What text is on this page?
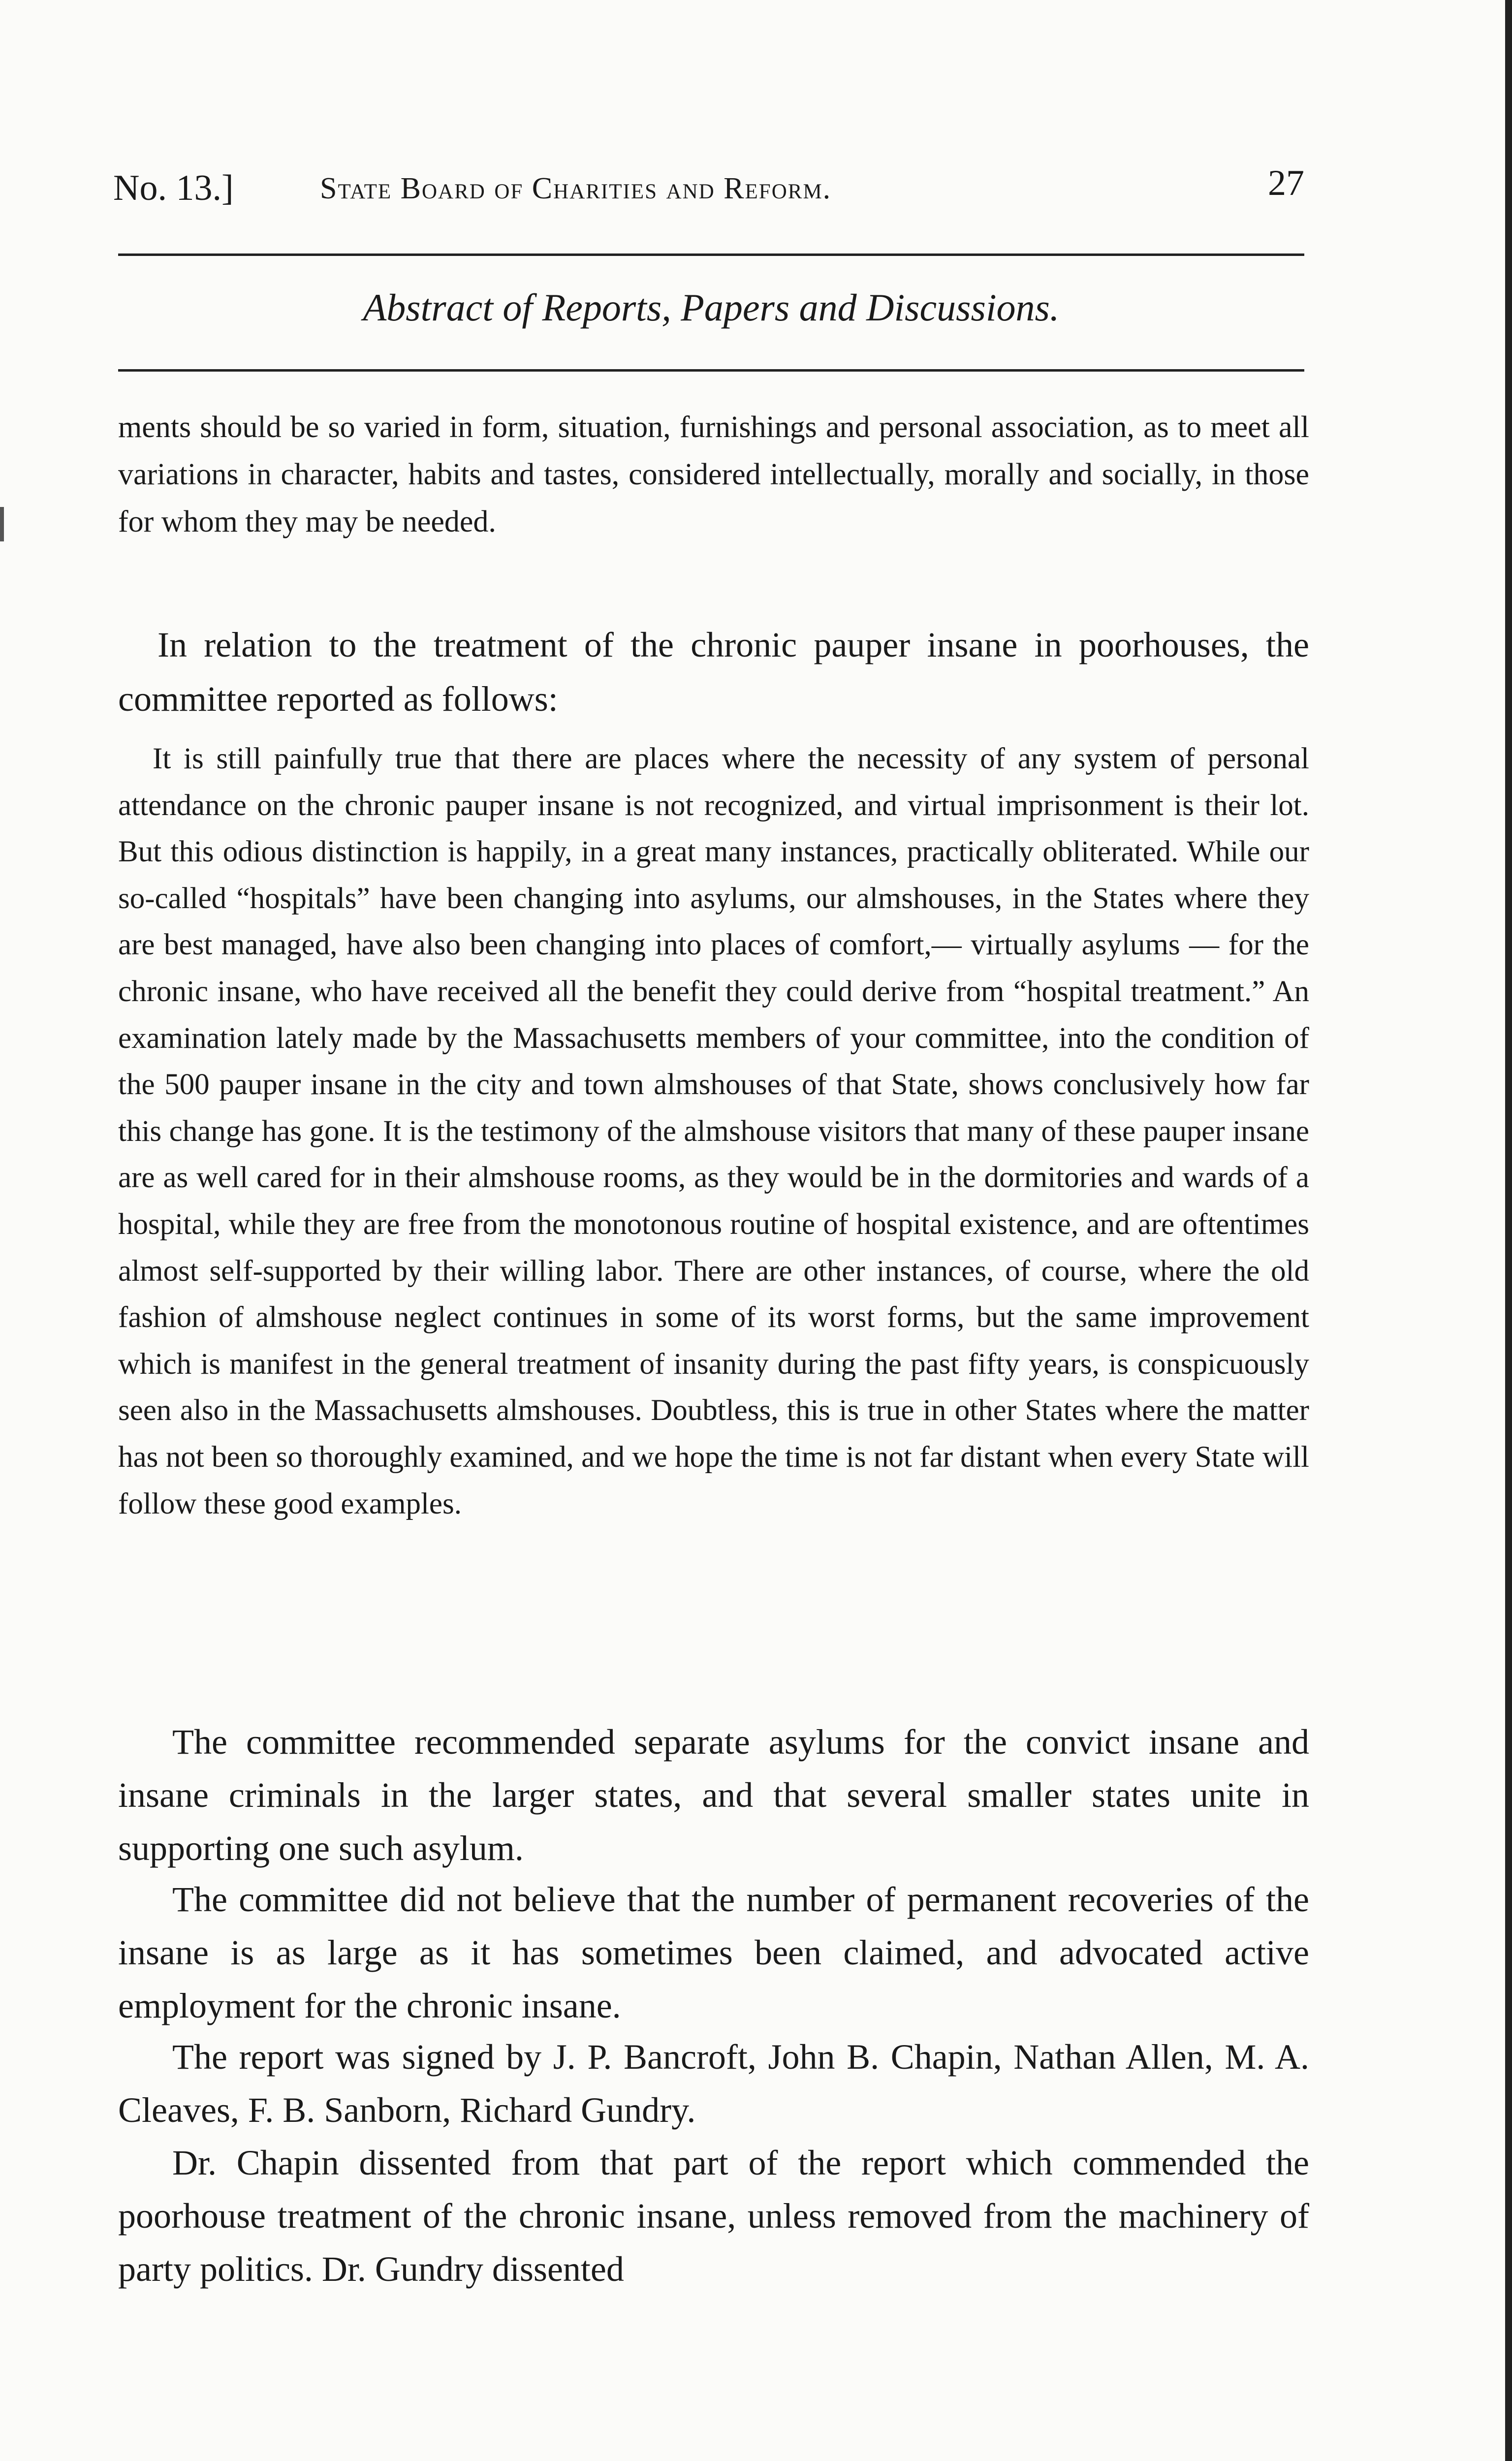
No. 13.]	State Board of Charities and Reform.	27
Abstract of Reports, Papers and Discussions.

ments should be so varied in form, situation, furnishings and personal association, as to meet all variations in character, habits and tastes, considered intellectually, morally and socially, in those for whom they may be needed.

In relation to the treatment of the chronic pauper insane in poorhouses, the committee reported as follows:

It is still painfully true that there are places where the necessity of any system of personal attendance on the chronic pauper insane is not recognized, and virtual imprisonment is their lot. But this odious distinction is happily, in a great many instances, practically obliterated. While our so-called “hospitals” have been changing into asylums, our almshouses, in the States where they are best managed, have also been changing into places of comfort,— virtually asylums — for the chronic insane, who have received all the benefit they could derive from “hospital treatment.” An examination lately made by the Massachusetts members of your committee, into the condition of the 500 pauper insane in the city and town almshouses of that State, shows conclusively how far this change has gone. It is the testimony of the almshouse visitors that many of these pauper insane are as well cared for in their almshouse rooms, as they would be in the dormitories and wards of a hospital, while they are free from the monotonous routine of hospital existence, and are oftentimes almost self-supported by their willing labor. There are other instances, of course, where the old fashion of almshouse neglect continues in some of its worst forms, but the same improvement which is manifest in the general treatment of insanity during the past fifty years, is conspicuously seen also in the Massachusetts almshouses. Doubtless, this is true in other States where the matter has not been so thoroughly examined, and we hope the time is not far distant when every State will follow these good examples.

The committee recommended separate asylums for the convict insane and insane criminals in the larger states, and that several smaller states unite in supporting one such asylum.

The committee did not believe that the number of permanent recoveries of the insane is as large as it has sometimes been claimed, and advocated active employment for the chronic insane.

The report was signed by J. P. Bancroft, John B. Chapin, Nathan Allen, M. A. Cleaves, F. B. Sanborn, Richard Gundry.

Dr. Chapin dissented from that part of the report which commended the poorhouse treatment of the chronic insane, unless removed from the machinery of party politics. Dr. Gundry dissented
